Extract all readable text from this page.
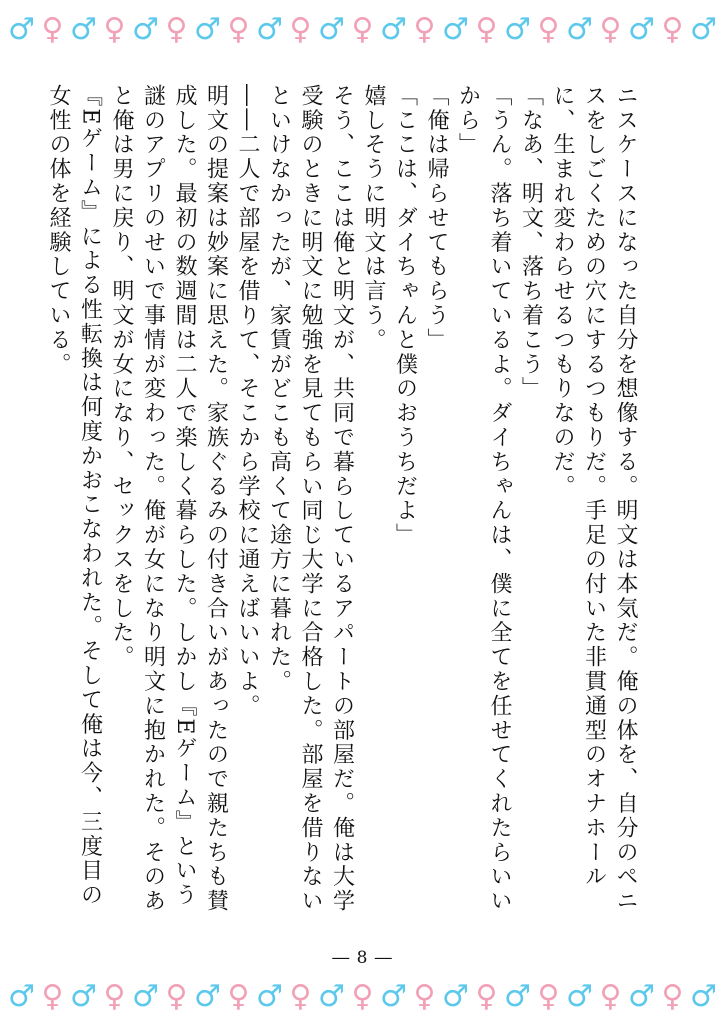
♂ ♀ ♂ ♀ ♂ ♀ ♂ ♀ ♂ ♀ ♂ ♀ ♂ ♀ ♂ ♀ ♂ ♀ ♂ ♀ ♂ ♀ ♂

ニスケースになった自分を想像する。明文は本気だ。俺の体を、自分のペニスをしごくための穴にするつもりだ。手足の付いた非貫通型のオナホールに、生まれ変わらせるつもりなのだ。

「なあ、明文、落ち着こう」

「うん。落ち着いているよ。ダイちゃんは、僕に全てを任せてくれたらいいから」

「俺は帰らせてもらう」

「ここは、ダイちゃんと僕のおうちだよ」

嬉しそうに明文は言う。

そう、ここは俺と明文が、共同で暮らしているアパートの部屋だ。俺は大学受験のときに明文に勉強を見てもらい同じ大学に合格した。部屋を借りないといけなかったが、家賃がどこも高くて途方に暮れた。

――二人で部屋を借りて、そこから学校に通えばいいよ。

明文の提案は妙案に思えた。家族ぐるみの付き合いがあったので親たちも賛成した。最初の数週間は二人で楽しく暮らした。しかし『Eゲーム』という謎のアプリのせいで事情が変わった。俺が女になり明文に抱かれた。そのあと俺は男に戻り、明文が女になり、セックスをした。

『Eゲーム』による性転換は何度かおこなわれた。そして俺は今、三度目の女性の体を経験している。

― 8 ―
♂ ♀ ♂ ♀ ♂ ♀ ♂ ♀ ♂ ♀ ♂ ♀ ♂ ♀ ♂ ♀ ♂ ♀ ♂ ♀ ♂ ♀ ♂
